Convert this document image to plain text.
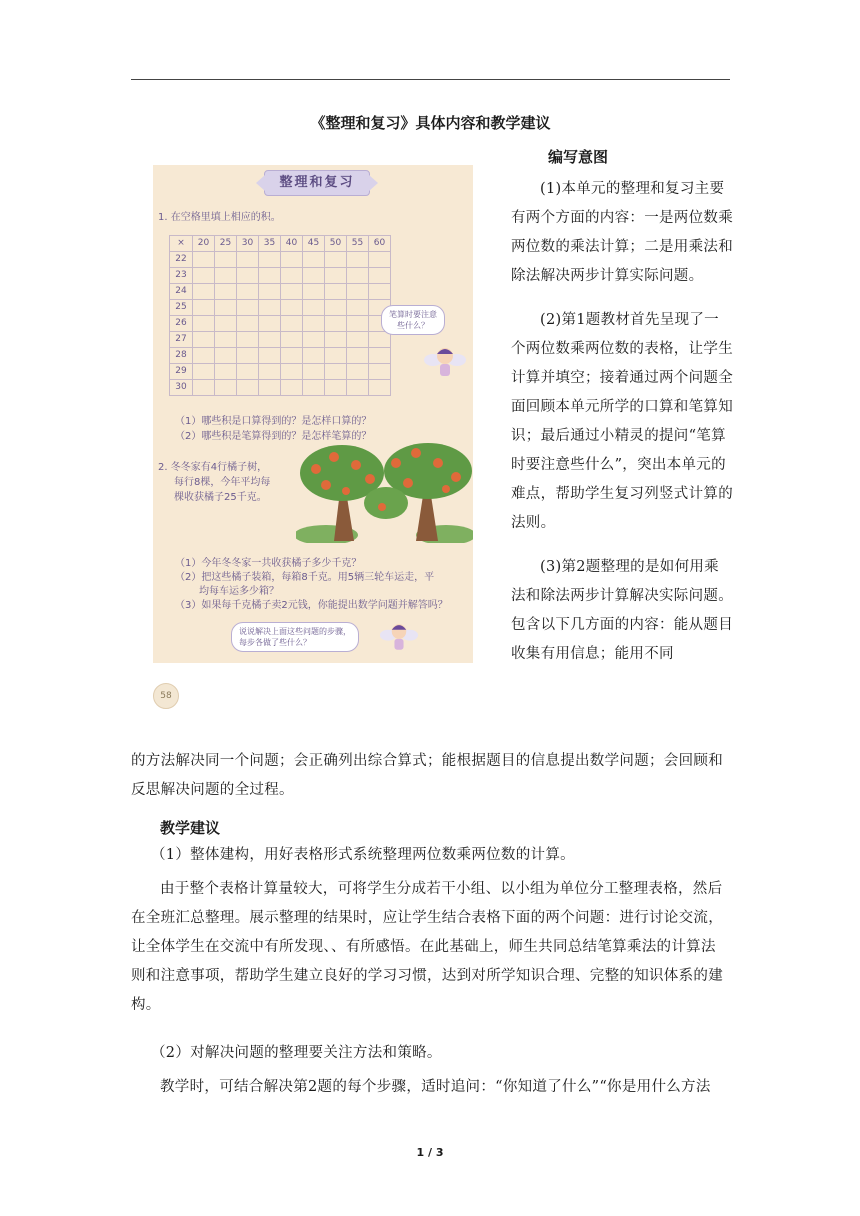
《整理和复习》具体内容和教学建议
编写意图
整理和复习
1. 在空格里填上相应的积。
×	20	25	30	35	40	45	50	55	60
22									
23									
24									
25									
26									
27									
28									
29									
30									
笔算时要注意
些什么？
（1）哪些积是口算得到的？是怎样口算的？
（2）哪些积是笔算得到的？是怎样笔算的？
2. 冬冬家有4行橘子树，
每行8棵，今年平均每
棵收获橘子25千克。
（1）今年冬冬家一共收获橘子多少千克？
（2）把这些橘子装箱，每箱8千克。用5辆三轮车运走，平
均每车运多少箱？
（3）如果每千克橘子卖2元钱，你能提出数学问题并解答吗？
说说解决上面这些问题的步骤，
每步各做了些什么？
58

(1)本单元的整理和复习主要有两个方面的内容：一是两位数乘两位数的乘法计算；二是用乘法和除法解决两步计算实际问题。

(2)第1题教材首先呈现了一个两位数乘两位数的表格，让学生计算并填空；接着通过两个问题全面回顾本单元所学的口算和笔算知识；最后通过小精灵的提问“笔算时要注意些什么”，突出本单元的难点，帮助学生复习列竖式计算的法则。

(3)第2题整理的是如何用乘法和除法两步计算解决实际问题。包含以下几方面的内容：能从题目收集有用信息；能用不同

的方法解决同一个问题；会正确列出综合算式；能根据题目的信息提出数学问题；会回顾和
反思解决问题的全过程。
教学建议
（1）整体建构，用好表格形式系统整理两位数乘两位数的计算。
由于整个表格计算量较大，可将学生分成若干小组、以小组为单位分工整理表格，然后
在全班汇总整理。展示整理的结果时，应让学生结合表格下面的两个问题：进行讨论交流，
让全体学生在交流中有所发现、、有所感悟。在此基础上，师生共同总结笔算乘法的计算法
则和注意事项，帮助学生建立良好的学习习惯，达到对所学知识合理、完整的知识体系的建
构。
（2）对解决问题的整理要关注方法和策略。
教学时，可结合解决第2题的每个步骤，适时追问：“你知道了什么”“你是用什么方法
1 / 3
